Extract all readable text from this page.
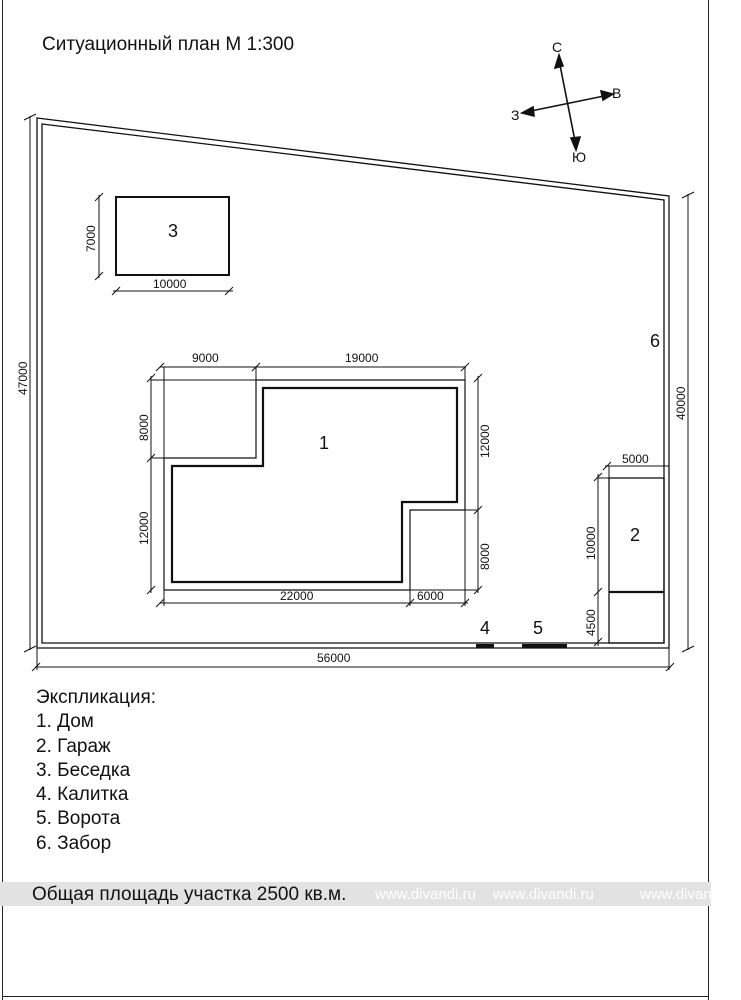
Ситуационный план М 1:300	С
Ю
В
З
47000
40000
56000
3
10000
7000
1
9000	19000
8000
12000
12000
8000
22000	6000
2
5000
10000
4500
6
4 5
Экспликация:
1. Дом
2. Гараж
3. Беседка
4. Калитка
5. Ворота
6. Забор
www.divandi.ru www.divandi.ru	www.divandi.ru
Общая площадь участка 2500 кв.м.
